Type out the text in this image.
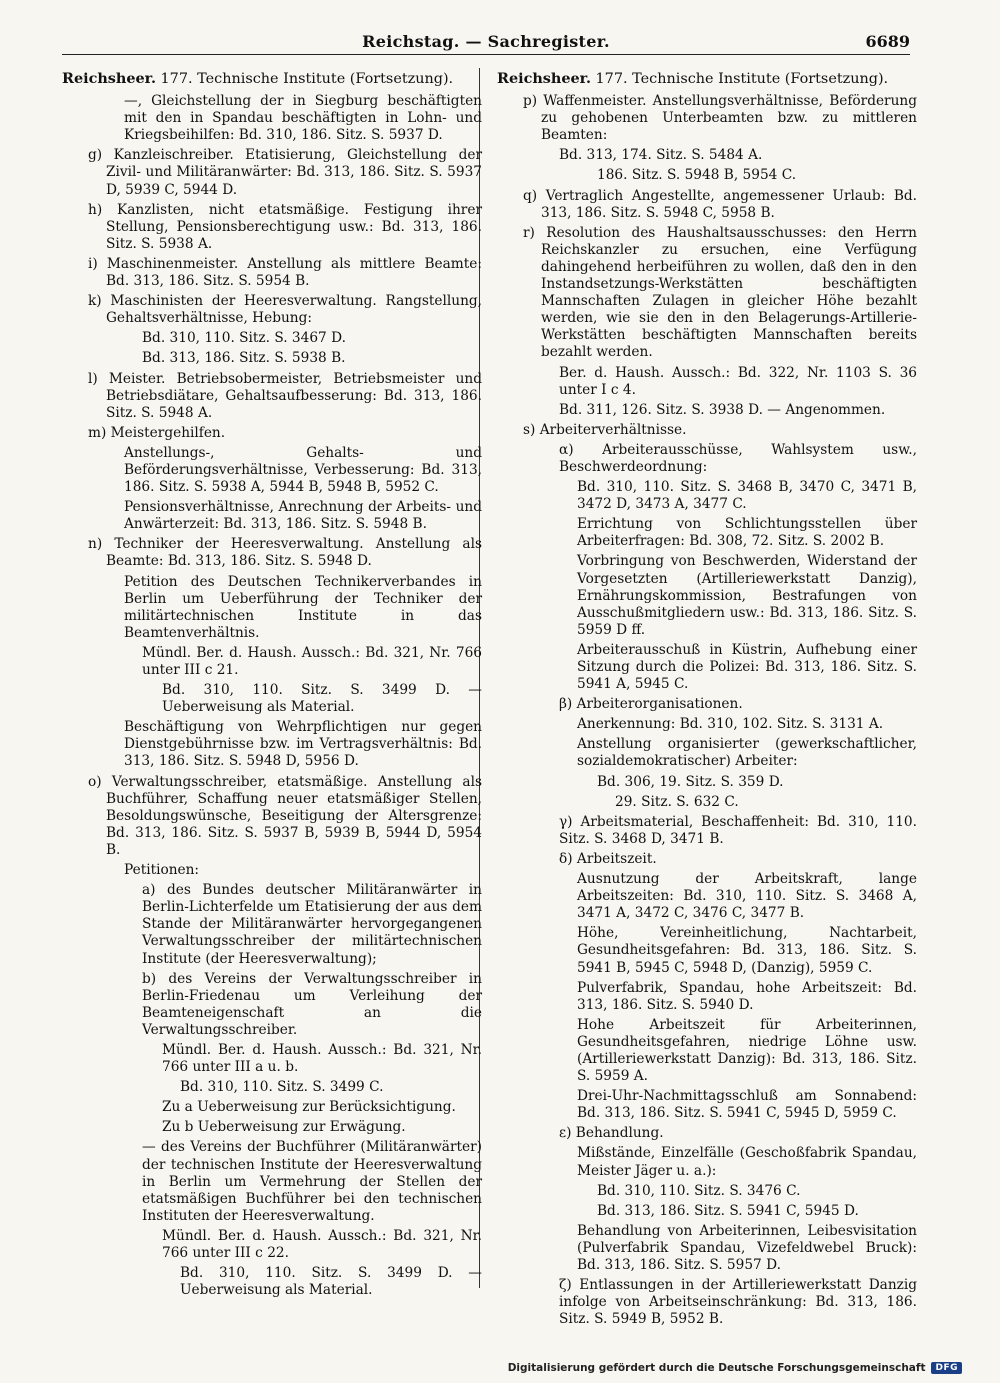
Reichstag. — Sachregister.	6689
Reichsheer. 177. Technische Institute (Fortsetzung).
—, Gleichstellung der in Siegburg beschäftigten mit den in Spandau beschäftigten in Lohn- und Kriegsbeihilfen: Bd. 310, 186. Sitz. S. 5937 D.
g) Kanzleischreiber. Etatisierung, Gleichstellung der Zivil- und Militäranwärter: Bd. 313, 186. Sitz. S. 5937 D, 5939 C, 5944 D.
h) Kanzlisten, nicht etatsmäßige. Festigung ihrer Stellung, Pensionsberechtigung usw.: Bd. 313, 186. Sitz. S. 5938 A.
i) Maschinenmeister. Anstellung als mittlere Beamte: Bd. 313, 186. Sitz. S. 5954 B.
k) Maschinisten der Heeresverwaltung. Rangstellung, Gehaltsverhältnisse, Hebung:
Bd. 310, 110. Sitz. S. 3467 D.
Bd. 313, 186. Sitz. S. 5938 B.
l) Meister. Betriebsobermeister, Betriebsmeister und Betriebsdiätare, Gehaltsaufbesserung: Bd. 313, 186. Sitz. S. 5948 A.
m) Meistergehilfen.
Anstellungs-, Gehalts- und Beförderungsverhältnisse, Verbesserung: Bd. 313, 186. Sitz. S. 5938 A, 5944 B, 5948 B, 5952 C.
Pensionsverhältnisse, Anrechnung der Arbeits- und Anwärterzeit: Bd. 313, 186. Sitz. S. 5948 B.
n) Techniker der Heeresverwaltung. Anstellung als Beamte: Bd. 313, 186. Sitz. S. 5948 D.
Petition des Deutschen Technikerverbandes in Berlin um Ueberführung der Techniker der militärtechnischen Institute in das Beamtenverhältnis.
Mündl. Ber. d. Haush. Aussch.: Bd. 321, Nr. 766 unter III c 21.
Bd. 310, 110. Sitz. S. 3499 D. — Ueberweisung als Material.
Beschäftigung von Wehrpflichtigen nur gegen Dienstgebührnisse bzw. im Vertragsverhältnis: Bd. 313, 186. Sitz. S. 5948 D, 5956 D.
o) Verwaltungsschreiber, etatsmäßige. Anstellung als Buchführer, Schaffung neuer etatsmäßiger Stellen, Besoldungswünsche, Beseitigung der Altersgrenze: Bd. 313, 186. Sitz. S. 5937 B, 5939 B, 5944 D, 5954 B.
Petitionen:
a) des Bundes deutscher Militäranwärter in Berlin-Lichterfelde um Etatisierung der aus dem Stande der Militäranwärter hervorgegangenen Verwaltungsschreiber der militärtechnischen Institute (der Heeresverwaltung);
b) des Vereins der Verwaltungsschreiber in Berlin-Friedenau um Verleihung der Beamteneigenschaft an die Verwaltungsschreiber.
Mündl. Ber. d. Haush. Aussch.: Bd. 321, Nr. 766 unter III a u. b.
Bd. 310, 110. Sitz. S. 3499 C.
Zu a Ueberweisung zur Berücksichtigung.
Zu b Ueberweisung zur Erwägung.
— des Vereins der Buchführer (Militäranwärter) der technischen Institute der Heeresverwaltung in Berlin um Vermehrung der Stellen der etatsmäßigen Buchführer bei den technischen Instituten der Heeresverwaltung.
Mündl. Ber. d. Haush. Aussch.: Bd. 321, Nr. 766 unter III c 22.
Bd. 310, 110. Sitz. S. 3499 D. — Ueberweisung als Material.
Reichsheer. 177. Technische Institute (Fortsetzung).
p) Waffenmeister. Anstellungsverhältnisse, Beförderung zu gehobenen Unterbeamten bzw. zu mittleren Beamten:
Bd. 313, 174. Sitz. S. 5484 A.
186. Sitz. S. 5948 B, 5954 C.
q) Vertraglich Angestellte, angemessener Urlaub: Bd. 313, 186. Sitz. S. 5948 C, 5958 B.
r) Resolution des Haushaltsausschusses: den Herrn Reichskanzler zu ersuchen, eine Verfügung dahingehend herbeiführen zu wollen, daß den in den Instandsetzungs-Werkstätten beschäftigten Mannschaften Zulagen in gleicher Höhe bezahlt werden, wie sie den in den Belagerungs-Artillerie-Werkstätten beschäftigten Mannschaften bereits bezahlt werden.
Ber. d. Haush. Aussch.: Bd. 322, Nr. 1103 S. 36 unter I c 4.
Bd. 311, 126. Sitz. S. 3938 D. — Angenommen.
s) Arbeiterverhältnisse.
α) Arbeiterausschüsse, Wahlsystem usw., Beschwerdeordnung:
Bd. 310, 110. Sitz. S. 3468 B, 3470 C, 3471 B, 3472 D, 3473 A, 3477 C.
Errichtung von Schlichtungsstellen über Arbeiterfragen: Bd. 308, 72. Sitz. S. 2002 B.
Vorbringung von Beschwerden, Widerstand der Vorgesetzten (Artilleriewerkstatt Danzig), Ernährungskommission, Bestrafungen von Ausschußmitgliedern usw.: Bd. 313, 186. Sitz. S. 5959 D ff.
Arbeiterausschuß in Küstrin, Aufhebung einer Sitzung durch die Polizei: Bd. 313, 186. Sitz. S. 5941 A, 5945 C.
β) Arbeiterorganisationen.
Anerkennung: Bd. 310, 102. Sitz. S. 3131 A.
Anstellung organisierter (gewerkschaftlicher, sozialdemokratischer) Arbeiter:
Bd. 306, 19. Sitz. S. 359 D.
29. Sitz. S. 632 C.
γ) Arbeitsmaterial, Beschaffenheit: Bd. 310, 110. Sitz. S. 3468 D, 3471 B.
δ) Arbeitszeit.
Ausnutzung der Arbeitskraft, lange Arbeitszeiten: Bd. 310, 110. Sitz. S. 3468 A, 3471 A, 3472 C, 3476 C, 3477 B.
Höhe, Vereinheitlichung, Nachtarbeit, Gesundheitsgefahren: Bd. 313, 186. Sitz. S. 5941 B, 5945 C, 5948 D, (Danzig), 5959 C.
Pulverfabrik, Spandau, hohe Arbeitszeit: Bd. 313, 186. Sitz. S. 5940 D.
Hohe Arbeitszeit für Arbeiterinnen, Gesundheitsgefahren, niedrige Löhne usw. (Artilleriewerkstatt Danzig): Bd. 313, 186. Sitz. S. 5959 A.
Drei-Uhr-Nachmittagsschluß am Sonnabend: Bd. 313, 186. Sitz. S. 5941 C, 5945 D, 5959 C.
ε) Behandlung.
Mißstände, Einzelfälle (Geschoßfabrik Spandau, Meister Jäger u. a.):
Bd. 310, 110. Sitz. S. 3476 C.
Bd. 313, 186. Sitz. S. 5941 C, 5945 D.
Behandlung von Arbeiterinnen, Leibesvisitation (Pulverfabrik Spandau, Vizefeldwebel Bruck): Bd. 313, 186. Sitz. S. 5957 D.
ζ) Entlassungen in der Artilleriewerkstatt Danzig infolge von Arbeitseinschränkung: Bd. 313, 186. Sitz. S. 5949 B, 5952 B.
Digitalisierung gefördert durch die Deutsche Forschungsgemeinschaft	DFG
